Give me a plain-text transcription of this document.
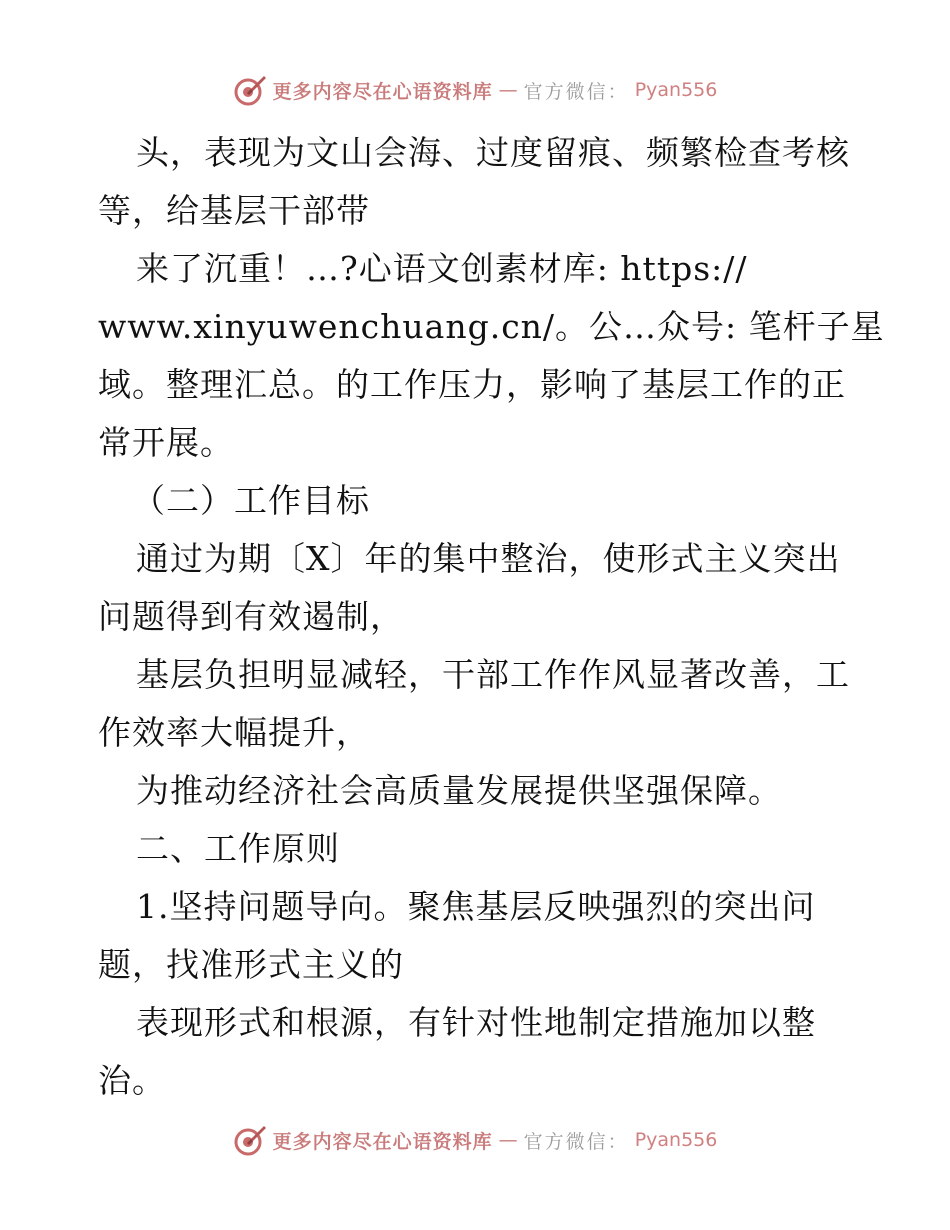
更多内容尽在心语资料库 — 官方微信： Pyan556
头，表现为文山会海、过度留痕、频繁检查考核
等，给基层干部带
来了沉重！…?心语文创素材库: https://
www.xinyuwenchuang.cn/。公…众号: 笔杆子星
域。整理汇总。的工作压力，影响了基层工作的正
常开展。
（二）工作目标
通过为期〔X〕年的集中整治，使形式主义突出
问题得到有效遏制，
基层负担明显减轻，干部工作作风显著改善，工
作效率大幅提升，
为推动经济社会高质量发展提供坚强保障。
二、工作原则
1.坚持问题导向。聚焦基层反映强烈的突出问
题，找准形式主义的
表现形式和根源，有针对性地制定措施加以整
治。
更多内容尽在心语资料库 — 官方微信： Pyan556
